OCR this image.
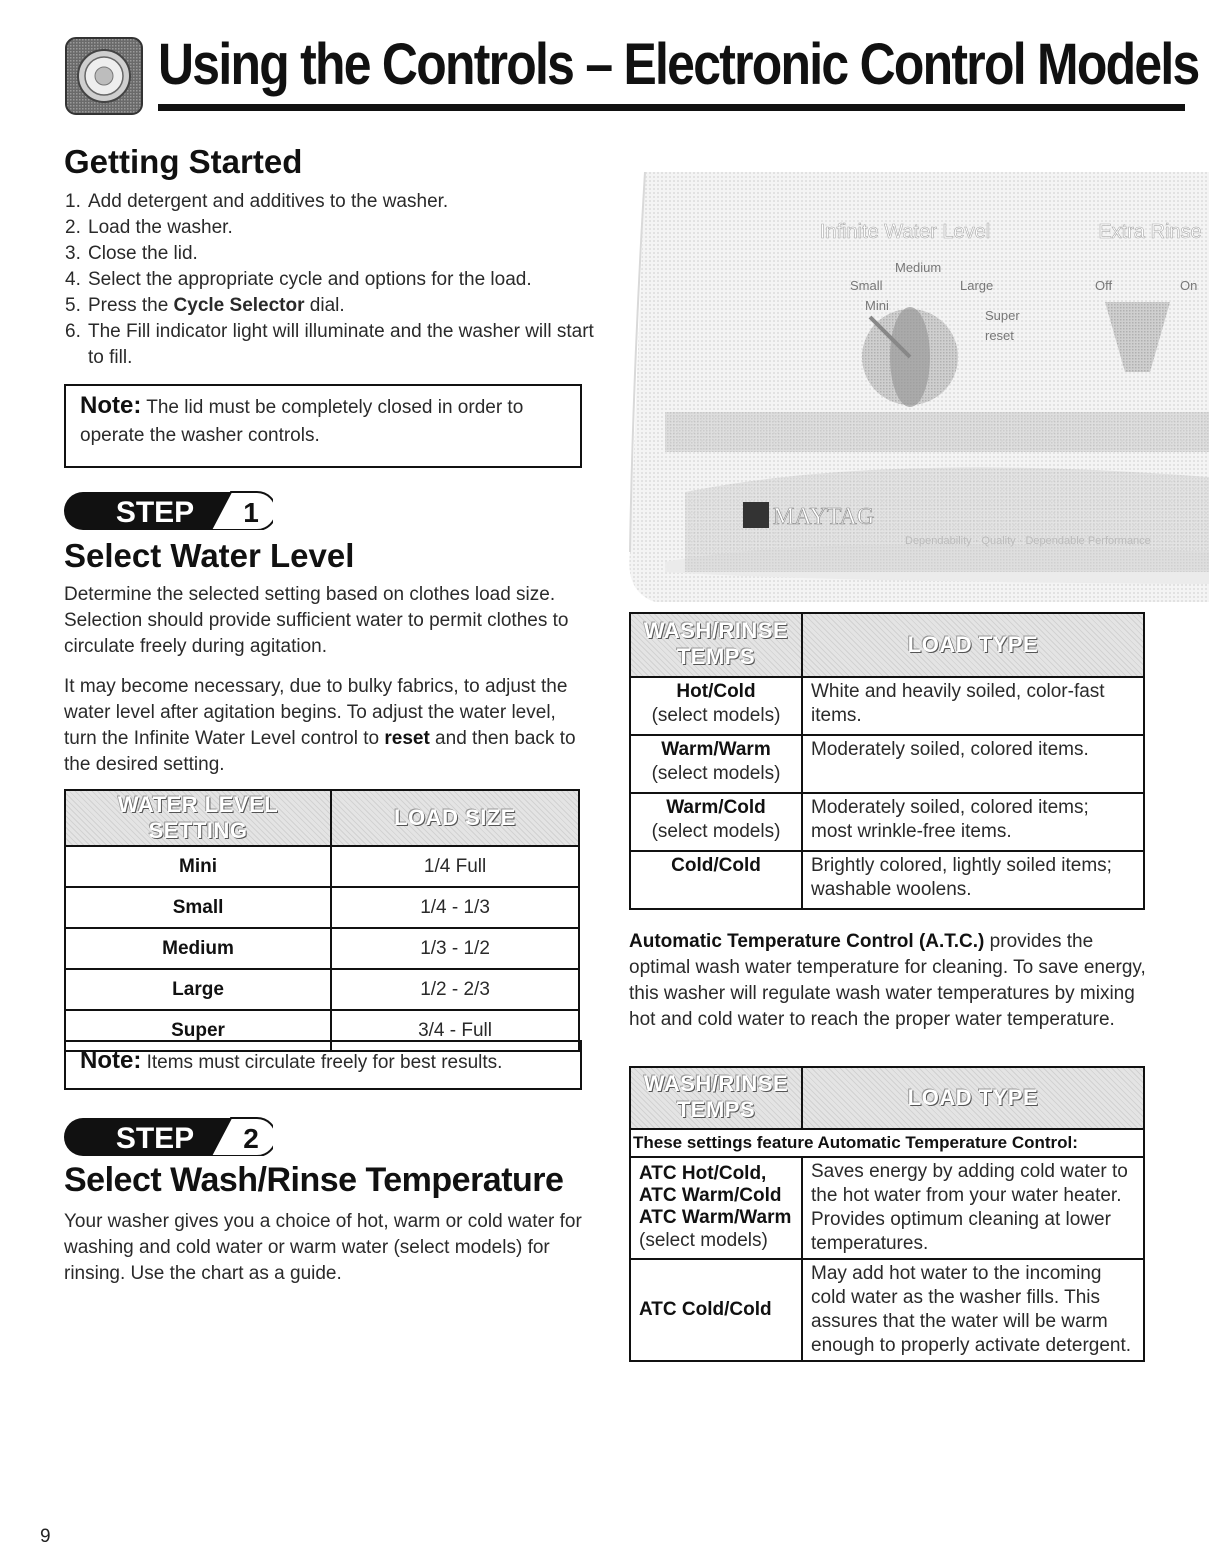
Using the Controls – Electronic Control Models
Getting Started
1. Add detergent and additives to the washer.
2. Load the washer.
3. Close the lid.
4. Select the appropriate cycle and options for the load.
5. Press the Cycle Selector dial.
6. The Fill indicator light will illuminate and the washer will start to fill.
Note: The lid must be completely closed in order to operate the washer controls.
STEP 1
Select Water Level
Determine the selected setting based on clothes load size. Selection should provide sufficient water to permit clothes to circulate freely during agitation.
It may become necessary, due to bulky fabrics, to adjust the water level after agitation begins. To adjust the water level, turn the Infinite Water Level control to reset and then back to the desired setting.
WATER LEVEL SETTING	LOAD SIZE
Mini	1/4 Full
Small	1/4 - 1/3
Medium	1/3 - 1/2
Large	1/2 - 2/3
Super	3/4 - Full
Note: Items must circulate freely for best results.
STEP 2
Select Wash/Rinse Temperature
Your washer gives you a choice of hot, warm or cold water for washing and cold water or warm water (select models) for rinsing. Use the chart as a guide.
Infinite Water Level	Extra Rinse
Mini
Small
Medium
Large
Super
reset
Off	On
MAYTAG
Dependability · Quality · Dependable Performance
WASH/RINSE TEMPS	LOAD TYPE
Hot/Cold
(select models)	White and heavily soiled, color-fast items.
Warm/Warm
(select models)	Moderately soiled, colored items.
Warm/Cold
(select models)	Moderately soiled, colored items; most wrinkle-free items.
Cold/Cold	Brightly colored, lightly soiled items; washable woolens.
Automatic Temperature Control (A.T.C.) provides the optimal wash water temperature for cleaning. To save energy, this washer will regulate wash water temperatures by mixing hot and cold water to reach the proper water temperature.
WASH/RINSE TEMPS	LOAD TYPE
These settings feature Automatic Temperature Control:	

ATC Hot/Cold,
ATC Warm/Cold
ATC Warm/Warm
(select models)	Saves energy by adding cold water to the hot water from your water heater. Provides optimum cleaning at lower temperatures.

ATC Cold/Cold	May add hot water to the incoming cold water as the washer fills. This assures that the water will be warm enough to properly activate detergent.
9
